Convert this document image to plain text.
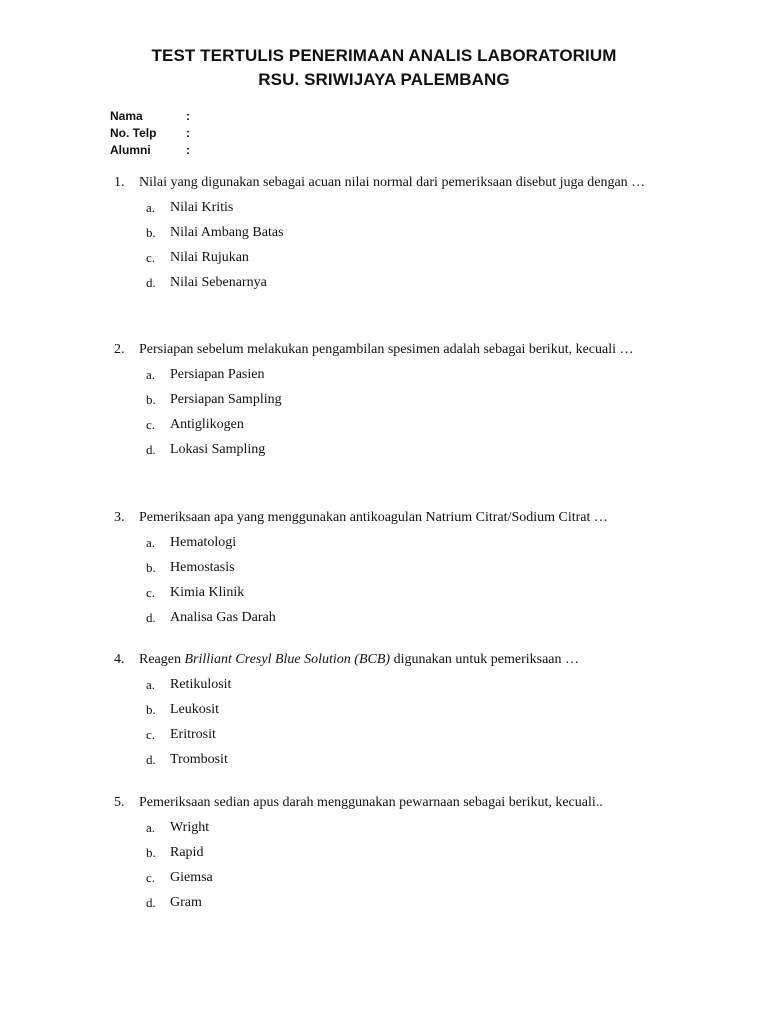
TEST TERTULIS PENERIMAAN ANALIS LABORATORIUM
RSU. SRIWIJAYA PALEMBANG
Nama	:
No. Telp	:
Alumni	:
1.	Nilai yang digunakan sebagai acuan nilai normal dari pemeriksaan disebut juga dengan …
a.	Nilai Kritis
b.	Nilai Ambang Batas
c.	Nilai Rujukan
d.	Nilai Sebenarnya
2.	Persiapan sebelum melakukan pengambilan spesimen adalah sebagai berikut, kecuali …
a.	Persiapan Pasien
b.	Persiapan Sampling
c.	Antiglikogen
d.	Lokasi Sampling
3.	Pemeriksaan apa yang menggunakan antikoagulan Natrium Citrat/Sodium Citrat …
a.	Hematologi
b.	Hemostasis
c.	Kimia Klinik
d.	Analisa Gas Darah
4.	Reagen Brilliant Cresyl Blue Solution (BCB) digunakan untuk pemeriksaan …
a.	Retikulosit
b.	Leukosit
c.	Eritrosit
d.	Trombosit
5.	Pemeriksaan sedian apus darah menggunakan pewarnaan sebagai berikut, kecuali..
a.	Wright
b.	Rapid
c.	Giemsa
d.	Gram
